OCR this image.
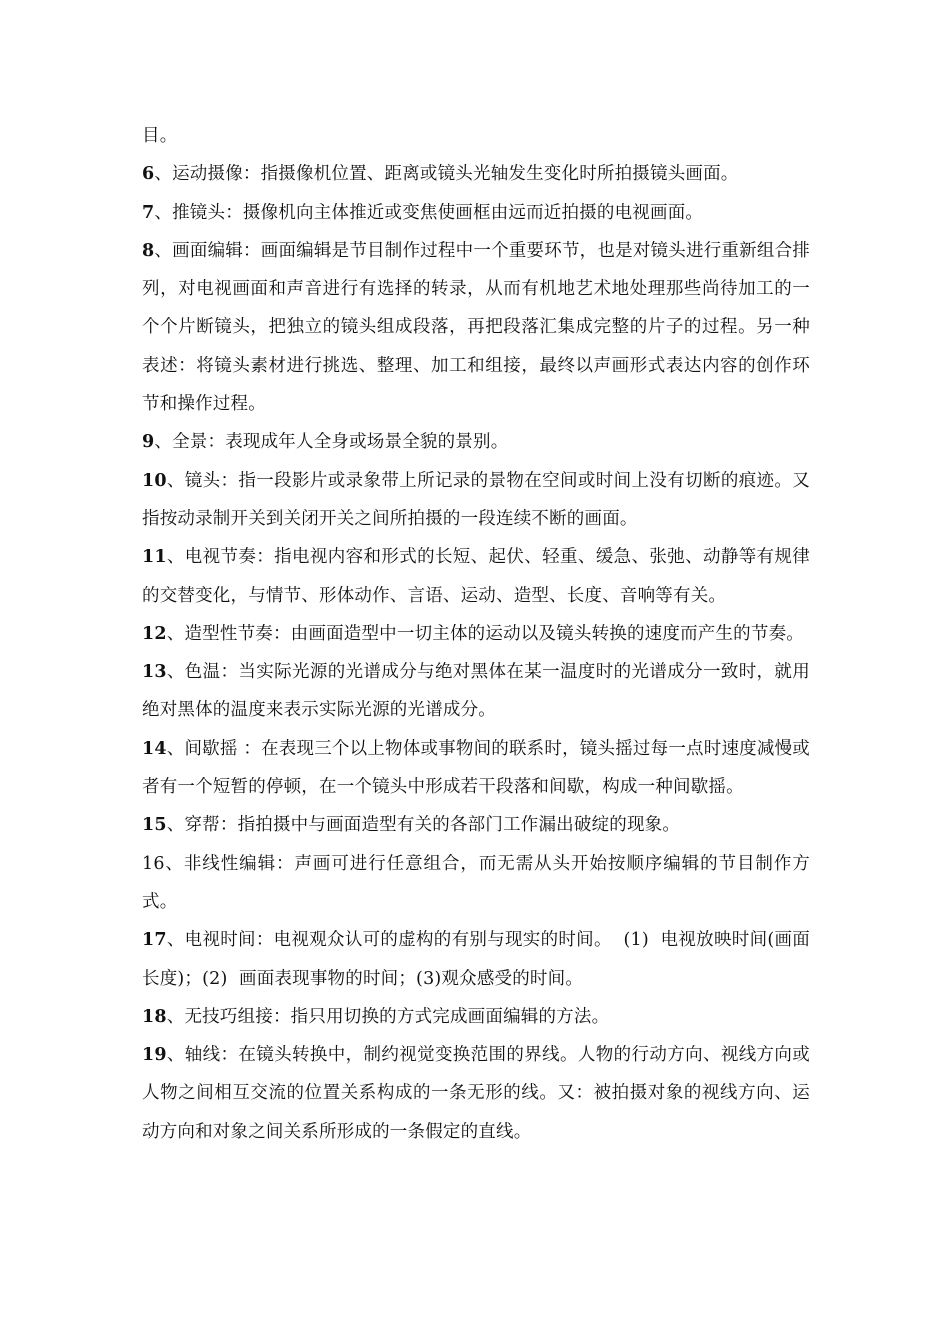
目。

6、运动摄像：指摄像机位置、距离或镜头光轴发生变化时所拍摄镜头画面。

7、推镜头：摄像机向主体推近或变焦使画框由远而近拍摄的电视画面。

8、画面编辑：画面编辑是节目制作过程中一个重要环节，也是对镜头进行重新组合排列，对电视画面和声音进行有选择的转录，从而有机地艺术地处理那些尚待加工的一个个片断镜头，把独立的镜头组成段落，再把段落汇集成完整的片子的过程。另一种表述：将镜头素材进行挑选、整理、加工和组接，最终以声画形式表达内容的创作环节和操作过程。

9、全景：表现成年人全身或场景全貌的景别。

10、镜头：指一段影片或录象带上所记录的景物在空间或时间上没有切断的痕迹。又指按动录制开关到关闭开关之间所拍摄的一段连续不断的画面。

11、电视节奏：指电视内容和形式的长短、起伏、轻重、缓急、张弛、动静等有规律的交替变化，与情节、形体动作、言语、运动、造型、长度、音响等有关。

12、造型性节奏：由画面造型中一切主体的运动以及镜头转换的速度而产生的节奏。

13、色温：当实际光源的光谱成分与绝对黑体在某一温度时的光谱成分一致时，就用绝对黑体的温度来表示实际光源的光谱成分。

14、间歇摇 ：在表现三个以上物体或事物间的联系时，镜头摇过每一点时速度减慢或者有一个短暂的停顿，在一个镜头中形成若干段落和间歇，构成一种间歇摇。

15、穿帮：指拍摄中与画面造型有关的各部门工作漏出破绽的现象。

16、非线性编辑：声画可进行任意组合，而无需从头开始按顺序编辑的节目制作方式。

17、电视时间：电视观众认可的虚构的有别与现实的时间。  (1)  电视放映时间(画面长度)；(2)  画面表现事物的时间；(3)观众感受的时间。

18、无技巧组接：指只用切换的方式完成画面编辑的方法。

19、轴线：在镜头转换中，制约视觉变换范围的界线。人物的行动方向、视线方向或人物之间相互交流的位置关系构成的一条无形的线。又：被拍摄对象的视线方向、运动方向和对象之间关系所形成的一条假定的直线。
